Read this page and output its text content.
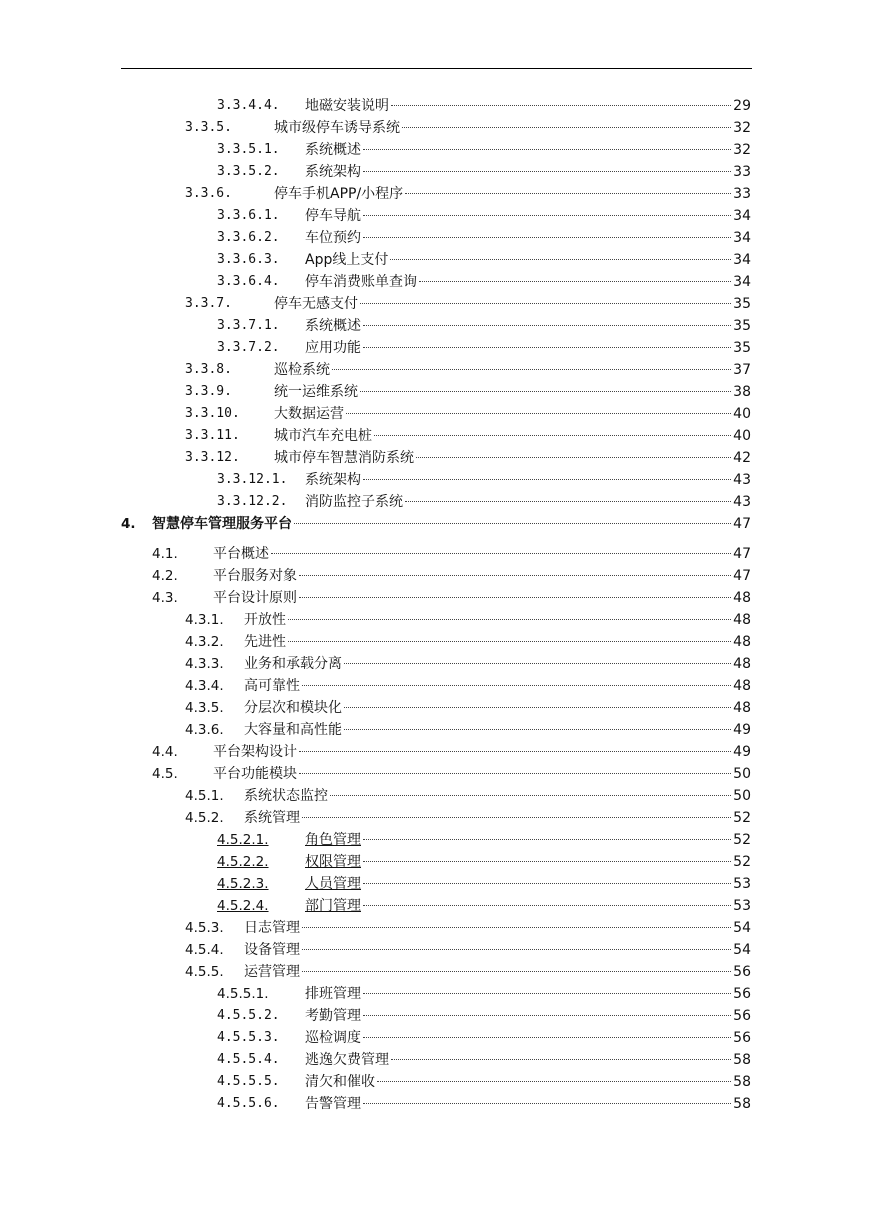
3.3.4.4. 地磁安装说明	29
3.3.5.	城市级停车诱导系统	32
3.3.5.1. 系统概述	32
3.3.5.2. 系统架构	33
3.3.6.	停车手机APP/小程序	33
3.3.6.1. 停车导航	34
3.3.6.2. 车位预约	34
3.3.6.3. App线上支付	34
3.3.6.4. 停车消费账单查询	34
3.3.7.	停车无感支付	35
3.3.7.1. 系统概述	35
3.3.7.2. 应用功能	35
3.3.8.	巡检系统	37
3.3.9.	统一运维系统	38
3.3.10. 大数据运营	40
3.3.11. 城市汽车充电桩	40
3.3.12. 城市停车智慧消防系统	42
3.3.12.1. 系统架构	43
3.3.12.2. 消防监控子系统	43
4. 智慧停车管理服务平台	47
4.1.	平台概述	47
4.2.	平台服务对象	47
4.3.	平台设计原则	48
4.3.1. 开放性	48
4.3.2. 先进性	48
4.3.3. 业务和承载分离	48
4.3.4. 高可靠性	48
4.3.5. 分层次和模块化	48
4.3.6. 大容量和高性能	49
4.4.	平台架构设计	49
4.5.	平台功能模块	50
4.5.1. 系统状态监控	50
4.5.2. 系统管理	52
4.5.2.1.	角色管理	52
4.5.2.2.	权限管理	52
4.5.2.3.	人员管理	53
4.5.2.4.	部门管理	53
4.5.3. 日志管理	54
4.5.4. 设备管理	54
4.5.5. 运营管理	56
4.5.5.1.	排班管理	56
4.5.5.2. 考勤管理	56
4.5.5.3. 巡检调度	56
4.5.5.4. 逃逸欠费管理	58
4.5.5.5. 清欠和催收	58
4.5.5.6. 告警管理	58
